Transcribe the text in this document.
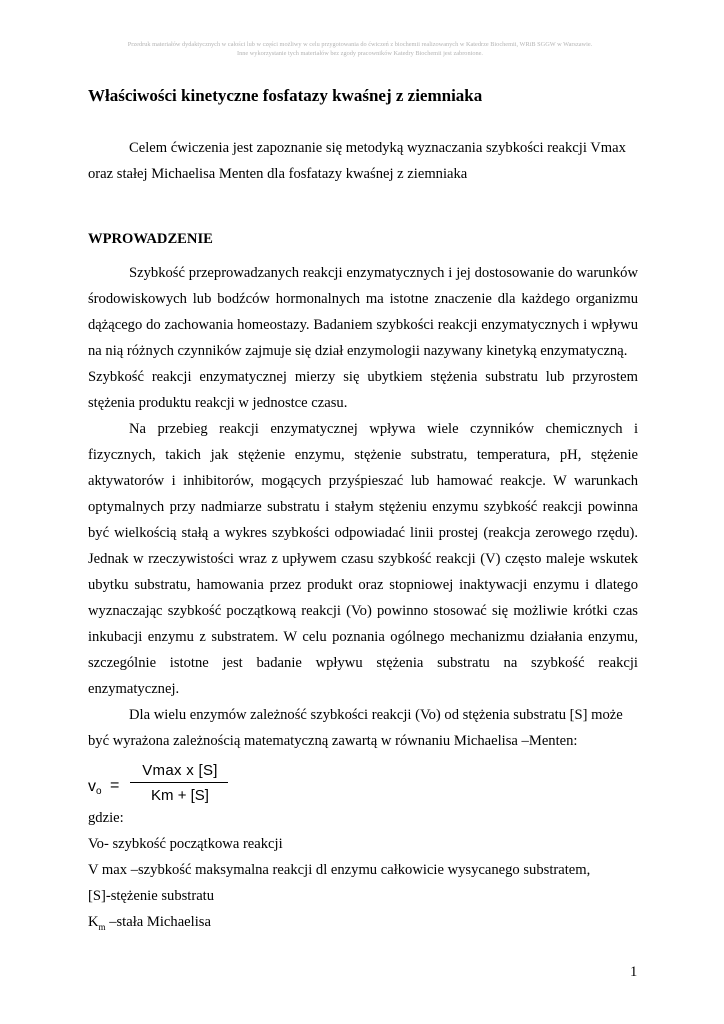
Przedruk materiałów dydaktycznych w całości lub w części możliwy w celu przygotowania do ćwiczeń z biochemii realizowanych w Katedrze Biochemii, WRiB SGGW w Warszawie.
Inne wykorzystanie tych materiałów bez zgody pracowników Katedry Biochemii jest zabronione.
Właściwości kinetyczne fosfatazy kwaśnej z ziemniaka
Celem ćwiczenia jest zapoznanie się metodyką wyznaczania szybkości reakcji Vmax
oraz stałej Michaelisa Menten dla fosfatazy kwaśnej z ziemniaka
WPROWADZENIE
Szybkość przeprowadzanych reakcji enzymatycznych i jej dostosowanie do warunków
środowiskowych lub bodźców hormonalnych ma istotne znaczenie dla każdego organizmu
dążącego do zachowania homeostazy. Badaniem szybkości reakcji enzymatycznych i wpływu
na nią różnych czynników zajmuje się dział enzymologii nazywany kinetyką enzymatyczną.
Szybkość reakcji enzymatycznej mierzy się ubytkiem stężenia substratu lub przyrostem
stężenia produktu reakcji w jednostce czasu.
Na przebieg reakcji enzymatycznej wpływa wiele czynników chemicznych i
fizycznych, takich jak stężenie enzymu, stężenie substratu, temperatura, pH, stężenie
aktywatorów i inhibitorów, mogących przyśpieszać lub hamować reakcje. W warunkach
optymalnych przy nadmiarze substratu i stałym stężeniu enzymu szybkość reakcji powinna
być wielkością stałą a wykres szybkości odpowiadać linii prostej (reakcja zerowego rzędu).
Jednak w rzeczywistości wraz z upływem czasu szybkość reakcji (V) często maleje wskutek
ubytku substratu, hamowania przez produkt oraz stopniowej inaktywacji enzymu i dlatego
wyznaczając szybkość początkową reakcji (Vo) powinno stosować się możliwie krótki czas
inkubacji enzymu z substratem. W celu poznania ogólnego mechanizmu działania enzymu,
szczególnie istotne jest badanie wpływu stężenia substratu na szybkość reakcji
enzymatycznej.
Dla wielu enzymów zależność szybkości reakcji (Vo) od stężenia substratu [S] może
być wyrażona zależnością matematyczną zawartą w równaniu Michaelisa –Menten:
$v_o$ =
Vmax x [S]
Km + [S]
gdzie:
Vo- szybkość początkowa reakcji
V max –szybkość maksymalna reakcji dl enzymu całkowicie wysycanego substratem,
[S]-stężenie substratu
$K_m$ –stała Michaelisa
1
